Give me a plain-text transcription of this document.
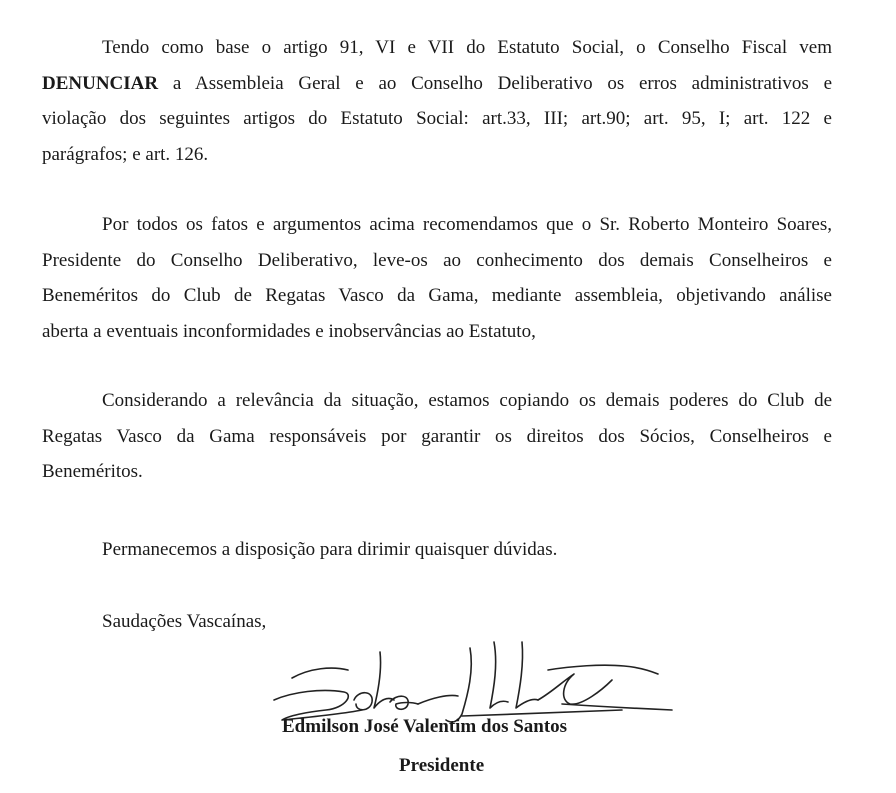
Tendo como base o artigo 91, VI e VII do Estatuto Social, o Conselho Fiscal vem
DENUNCIAR a Assembleia Geral e ao Conselho Deliberativo os erros administrativos e
violação dos seguintes artigos do Estatuto Social: art.33, III; art.90; art. 95, I; art. 122 e
parágrafos; e art. 126.
Por todos os fatos e argumentos acima recomendamos que o Sr. Roberto Monteiro Soares,
Presidente do Conselho Deliberativo, leve-os ao conhecimento dos demais Conselheiros e
Beneméritos do Club de Regatas Vasco da Gama, mediante assembleia, objetivando análise
aberta a eventuais inconformidades e inobservâncias ao Estatuto,
Considerando a relevância da situação, estamos copiando os demais poderes do Club de
Regatas Vasco da Gama responsáveis por garantir os direitos dos Sócios, Conselheiros e
Beneméritos.

Permanecemos a disposição para dirimir quaisquer dúvidas.

Saudações Vascaínas,

Edmilson José Valentim dos Santos
Presidente
